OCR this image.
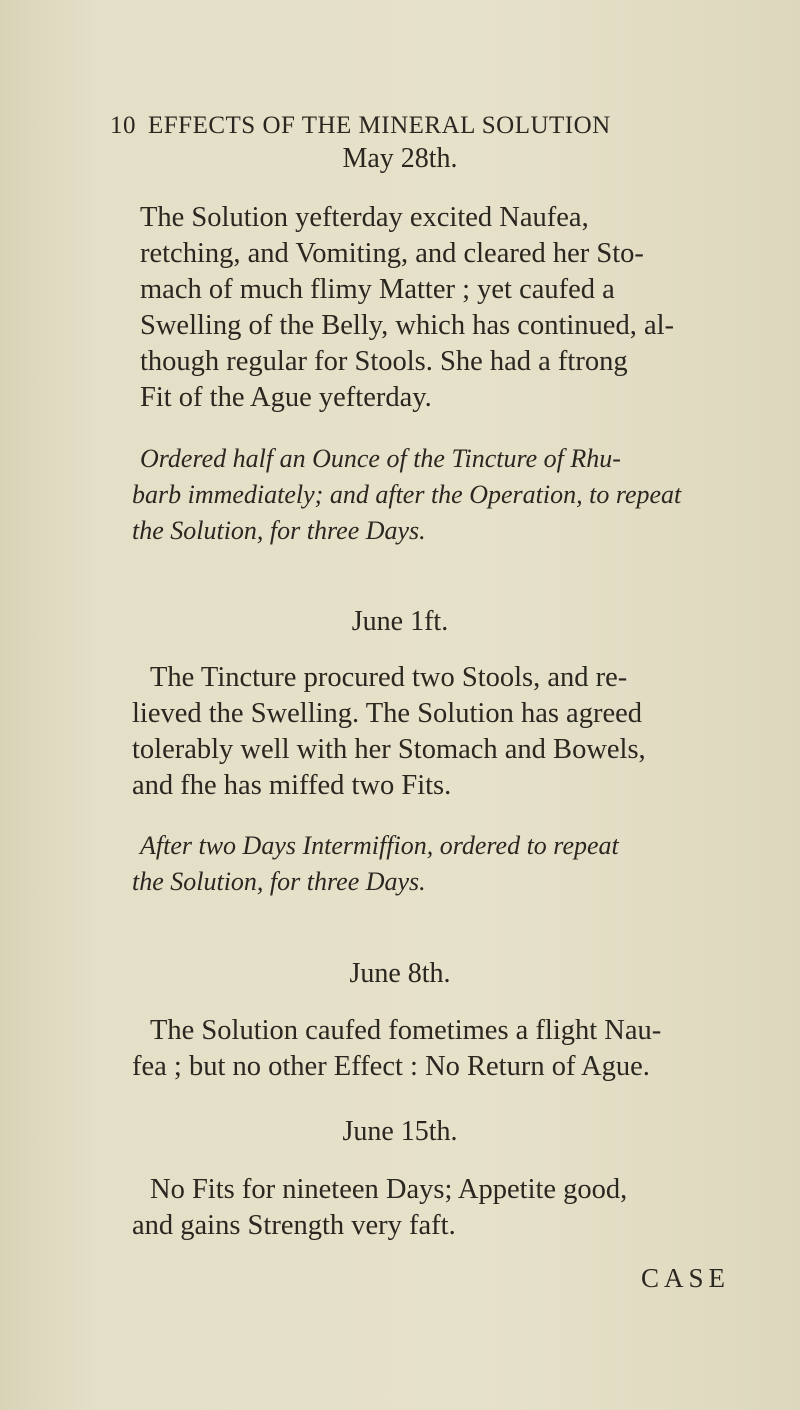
10 EFFECTS OF THE MINERAL SOLUTION
May 28th.
The Solution yefterday excited Naufea,
retching, and Vomiting, and cleared her Sto-
mach of much flimy Matter ; yet caufed a
Swelling of the Belly, which has continued, al-
though regular for Stools. She had a ftrong
Fit of the Ague yefterday.
Ordered half an Ounce of the Tincture of Rhu-
barb immediately; and after the Operation, to repeat
the Solution, for three Days.
June 1ft.
The Tincture procured two Stools, and re-
lieved the Swelling. The Solution has agreed
tolerably well with her Stomach and Bowels,
and fhe has miffed two Fits.
After two Days Intermiffion, ordered to repeat
the Solution, for three Days.
June 8th.
The Solution caufed fometimes a flight Nau-
fea ; but no other Effect : No Return of Ague.
June 15th.
No Fits for nineteen Days; Appetite good,
and gains Strength very faft.
CASE
